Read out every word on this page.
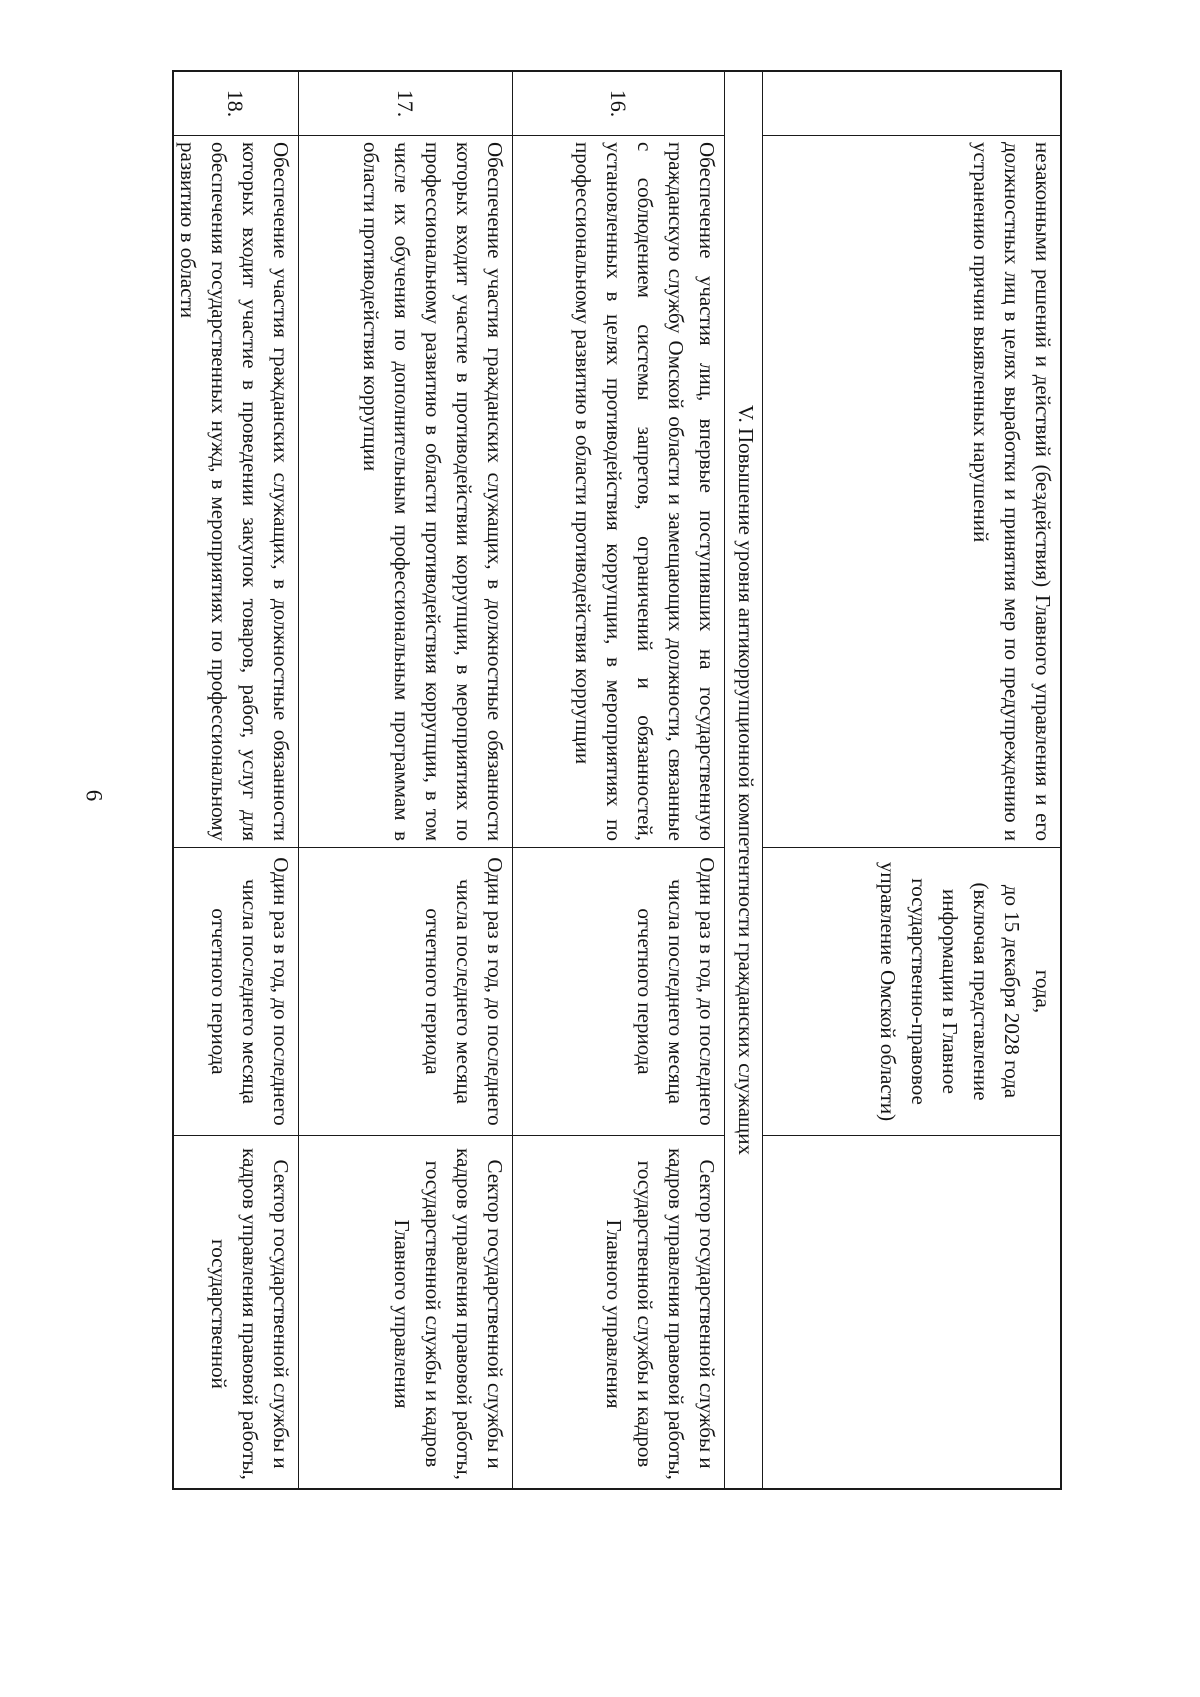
6	незаконными решений и действий (бездействия) Главного управления и его должностных лиц в целях выработки и принятия мер по предупреждению и устранению причин выявленных нарушений
года,
до 15 декабря 2028 года (включая представление информации в Главное государственно-правовое управление Омской области)
V. Повышение уровня антикоррупционной компетентности гражданских служащих
16.
Обеспечение участия лиц, впервые поступивших на государственную гражданскую службу Омской области и замещающих должности, связанные с соблюдением системы запретов, ограничений и обязанностей, установленных в целях противодействия коррупции, в мероприятиях по профессиональному развитию в области противодействия коррупции
Один раз в год, до последнего числа последнего месяца отчетного периода
Сектор государственной службы и кадров управления правовой работы, государственной службы и кадров Главного управления
17.
Обеспечение участия гражданских служащих, в должностные обязанности которых входит участие в противодействии коррупции, в мероприятиях по профессиональному развитию в области противодействия коррупции, в том числе их обучения по дополнительным профессиональным программам в области противодействия коррупции
Один раз в год, до последнего числа последнего месяца отчетного периода
Сектор государственной службы и кадров управления правовой работы, государственной службы и кадров Главного управления
18.
Обеспечение участия гражданских служащих, в должностные обязанности которых входит участие в проведении закупок товаров, работ, услуг для обеспечения государственных нужд, в мероприятиях по профессиональному развитию в области
Один раз в год, до последнего числа последнего месяца отчетного периода
Сектор государственной службы и кадров управления правовой работы, государственной
